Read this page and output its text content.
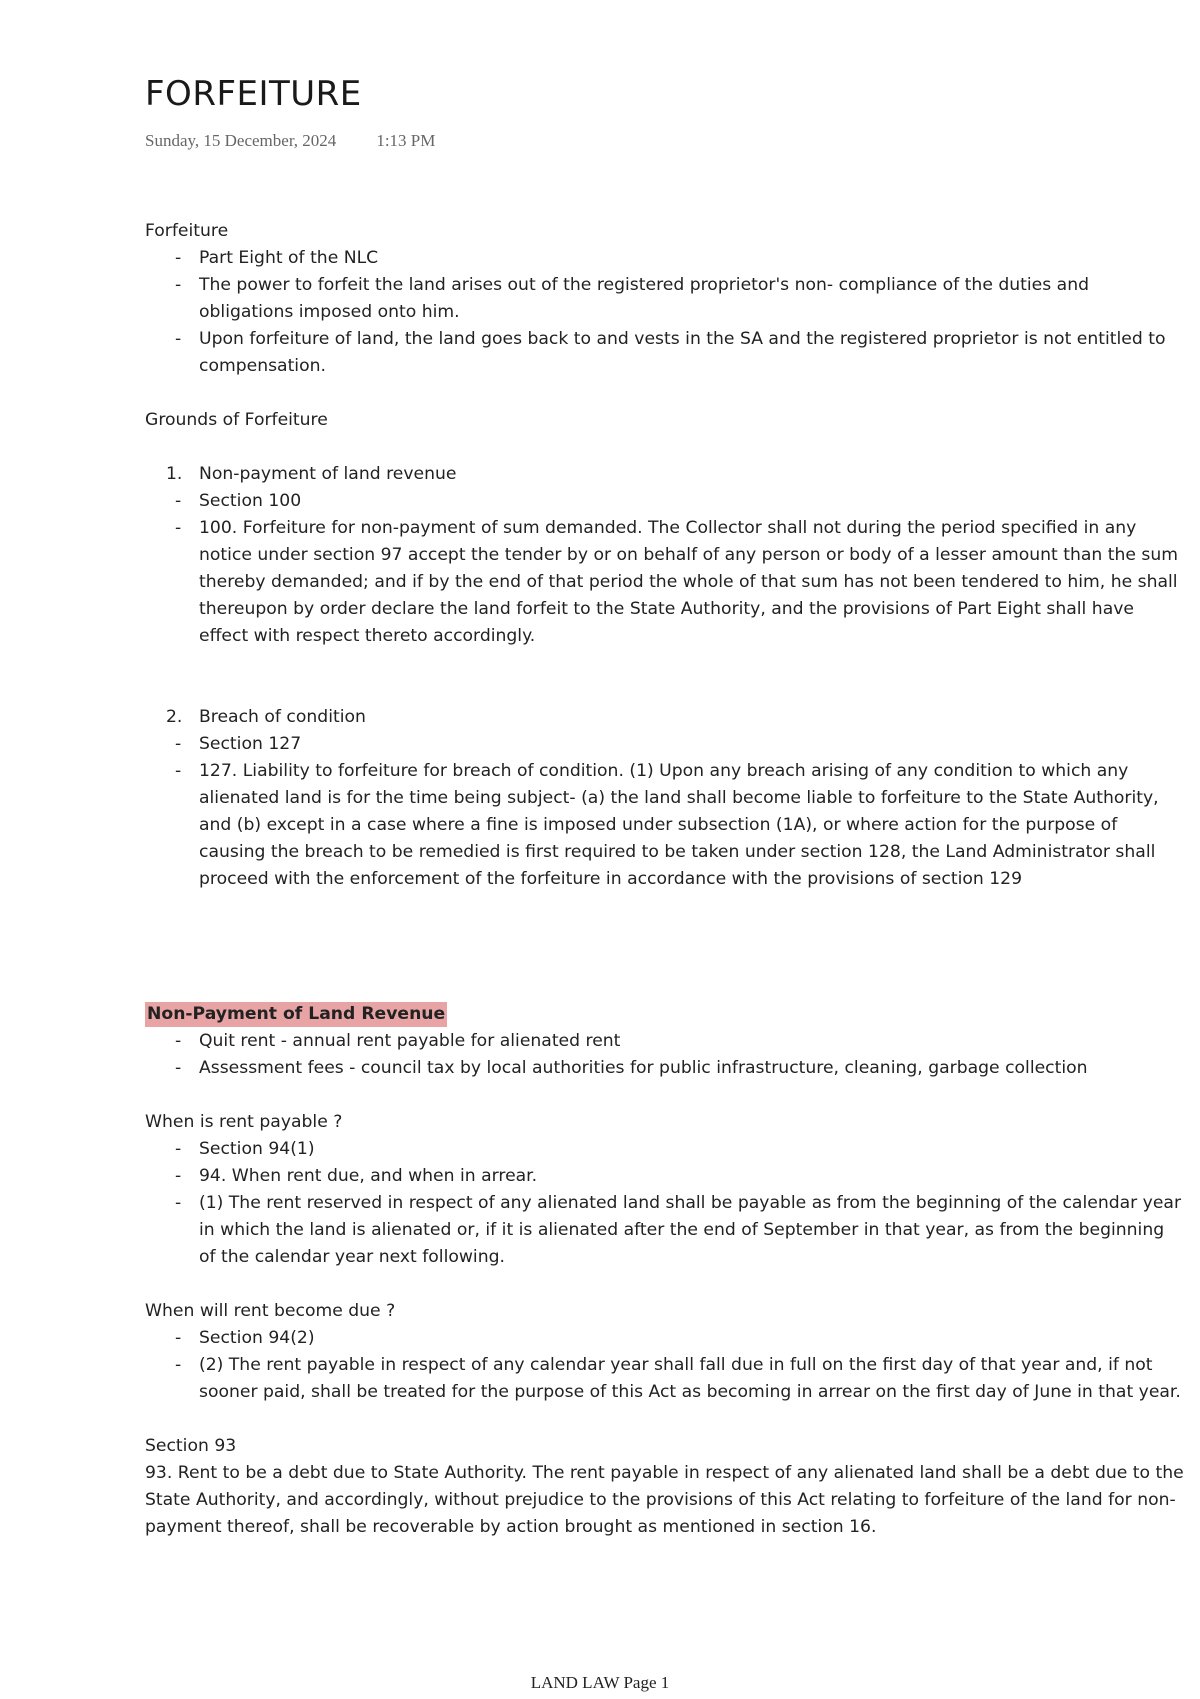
FORFEITURE
Sunday, 15 December, 2024 1:13 PM

Forfeiture

-	Part Eight of the NLC

-	The power to forfeit the land arises out of the registered proprietor's non- compliance of the duties and obligations imposed onto him.

-	Upon forfeiture of land, the land goes back to and vests in the SA and the registered proprietor is not entitled to compensation.

Grounds of Forfeiture

1. Non-payment of land revenue

-	Section 100

-	100. Forfeiture for non-payment of sum demanded. The Collector shall not during the period specified in any notice under section 97 accept the tender by or on behalf of any person or body of a lesser amount than the sum thereby demanded; and if by the end of that period the whole of that sum has not been tendered to him, he shall thereupon by order declare the land forfeit to the State Authority, and the provisions of Part Eight shall have effect with respect thereto accordingly.

2. Breach of condition

-	Section 127

-	127. Liability to forfeiture for breach of condition. (1) Upon any breach arising of any condition to which any alienated land is for the time being subject- (a) the land shall become liable to forfeiture to the State Authority, and (b) except in a case where a fine is imposed under subsection (1A), or where action for the purpose of causing the breach to be remedied is first required to be taken under section 128, the Land Administrator shall proceed with the enforcement of the forfeiture in accordance with the provisions of section 129

Non-Payment of Land Revenue

-	Quit rent - annual rent payable for alienated rent

-	Assessment fees - council tax by local authorities for public infrastructure, cleaning, garbage collection

When is rent payable ?

-	Section 94(1)

-	94. When rent due, and when in arrear.

-	(1) The rent reserved in respect of any alienated land shall be payable as from the beginning of the calendar year in which the land is alienated or, if it is alienated after the end of September in that year, as from the beginning of the calendar year next following.

When will rent become due ?

-	Section 94(2)

-	(2) The rent payable in respect of any calendar year shall fall due in full on the first day of that year and, if not sooner paid, shall be treated for the purpose of this Act as becoming in arrear on the first day of June in that year.

Section 93

93. Rent to be a debt due to State Authority. The rent payable in respect of any alienated land shall be a debt due to the State Authority, and accordingly, without prejudice to the provisions of this Act relating to forfeiture of the land for non-payment thereof, shall be recoverable by action brought as mentioned in section 16.

LAND LAW Page 1
